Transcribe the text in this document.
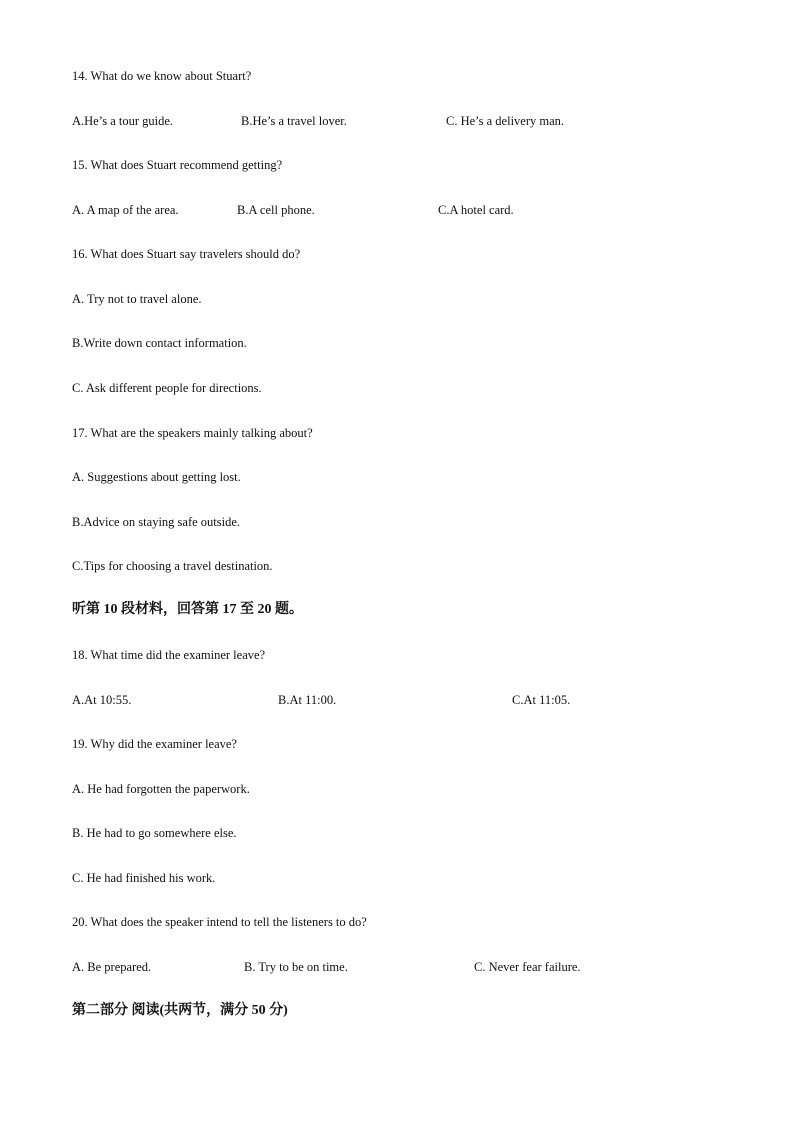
14. What do we know about Stuart?
A.He’s a tour guide.	B.He’s a travel lover.	C. He’s a delivery man.
15. What does Stuart recommend getting?
A. A map of the area.	B.A cell phone.	C.A hotel card.
16. What does Stuart say travelers should do?
A. Try not to travel alone.
B.Write down contact information.
C. Ask different people for directions.
17. What are the speakers mainly talking about?
A. Suggestions about getting lost.
B.Advice on staying safe outside.
C.Tips for choosing a travel destination.
听第 10 段材料，回答第 17 至 20 题。
18. What time did the examiner leave?
A.At 10:55.	B.At 11:00.	C.At 11:05.
19. Why did the examiner leave?
A. He had forgotten the paperwork.
B. He had to go somewhere else.
C. He had finished his work.
20. What does the speaker intend to tell the listeners to do?
A. Be prepared.	B. Try to be on time.	C. Never fear failure.
第二部分 阅读(共两节，满分 50 分)
